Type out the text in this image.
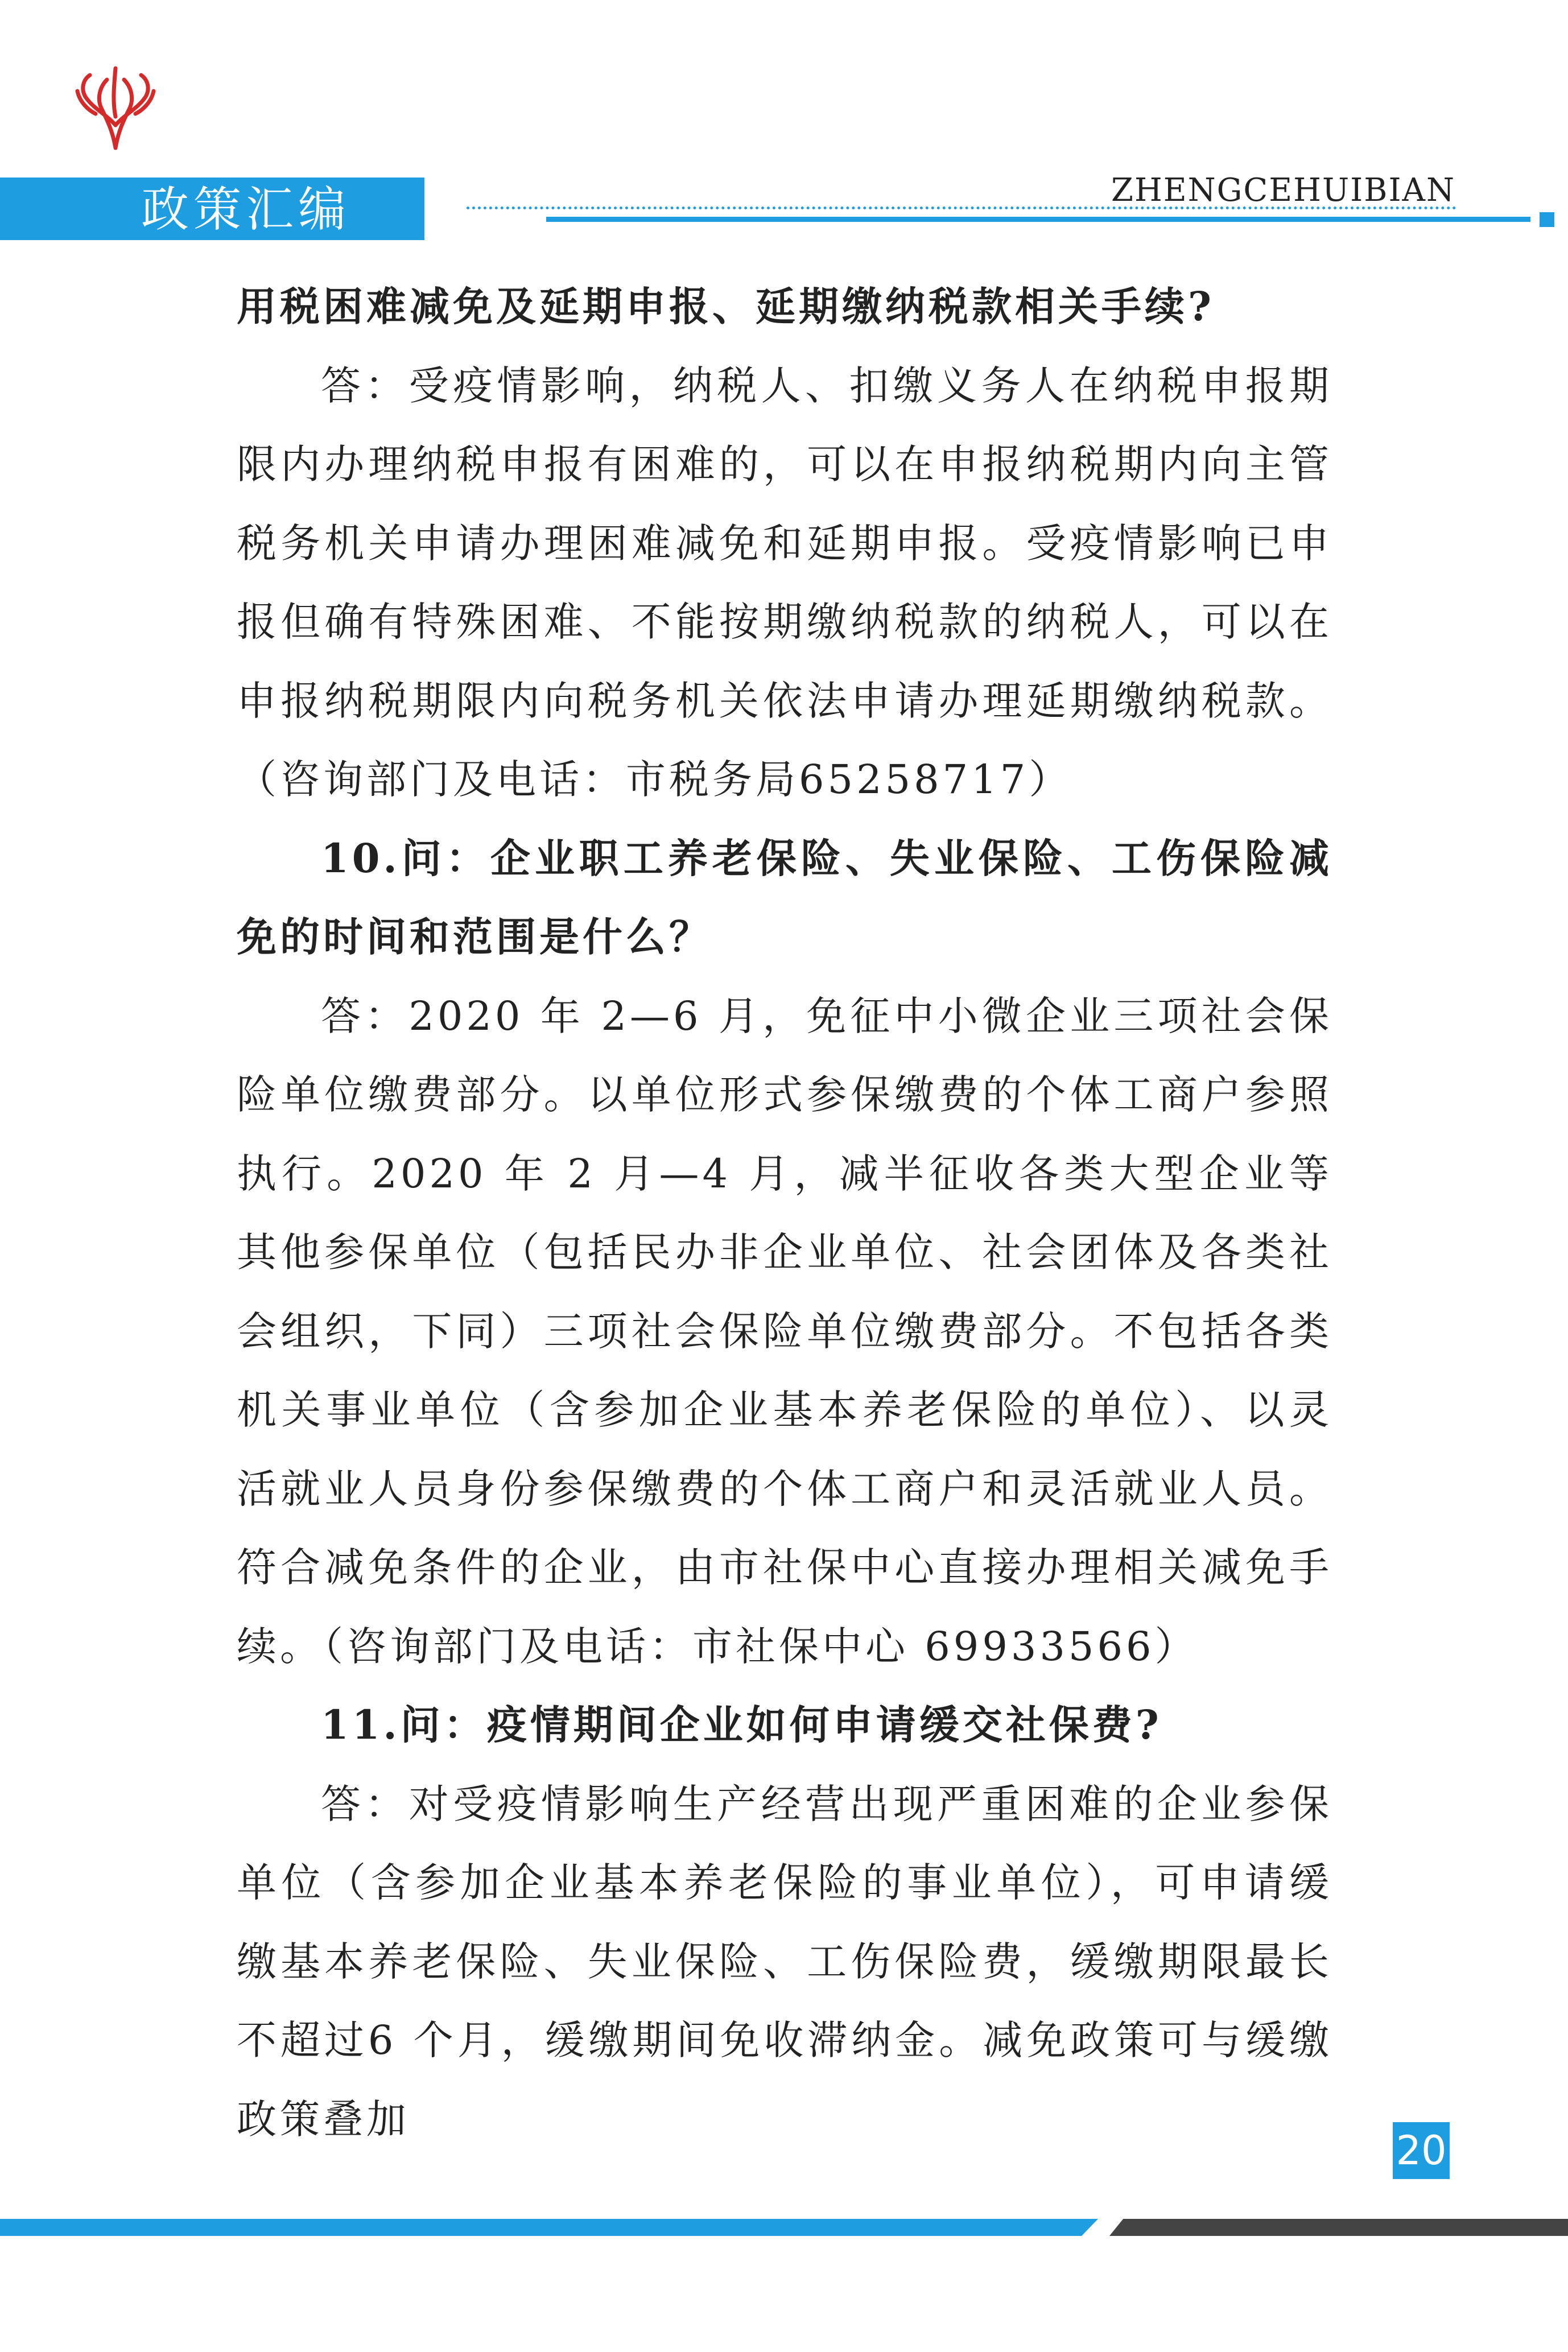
政策汇编	ZHENGCEHUIBIAN

用税困难减免及延期申报、延期缴纳税款相关手续?

答：受疫情影响，纳税人、扣缴义务人在纳税申报期限内办理纳税申报有困难的，可以在申报纳税期内向主管税务机关申请办理困难减免和延期申报。受疫情影响已申报但确有特殊困难、不能按期缴纳税款的纳税人，可以在申报纳税期限内向税务机关依法申请办理延期缴纳税款。（咨询部门及电话：市税务局65258717）

10.问：企业职工养老保险、失业保险、工伤保险减免的时间和范围是什么？

答：2020 年 2—6 月，免征中小微企业三项社会保险单位缴费部分。以单位形式参保缴费的个体工商户参照执行。2020 年 2 月—4 月，减半征收各类大型企业等其他参保单位（包括民办非企业单位、社会团体及各类社会组织，下同）三项社会保险单位缴费部分。不包括各类机关事业单位（含参加企业基本养老保险的单位）、以灵活就业人员身份参保缴费的个体工商户和灵活就业人员。符合减免条件的企业，由市社保中心直接办理相关减免手续。（咨询部门及电话：市社保中心 69933566）

11.问：疫情期间企业如何申请缓交社保费?

答：对受疫情影响生产经营出现严重困难的企业参保单位（含参加企业基本养老保险的事业单位），可申请缓缴基本养老保险、失业保险、工伤保险费，缓缴期限最长不超过6 个月，缓缴期间免收滞纳金。减免政策可与缓缴政策叠加

20
